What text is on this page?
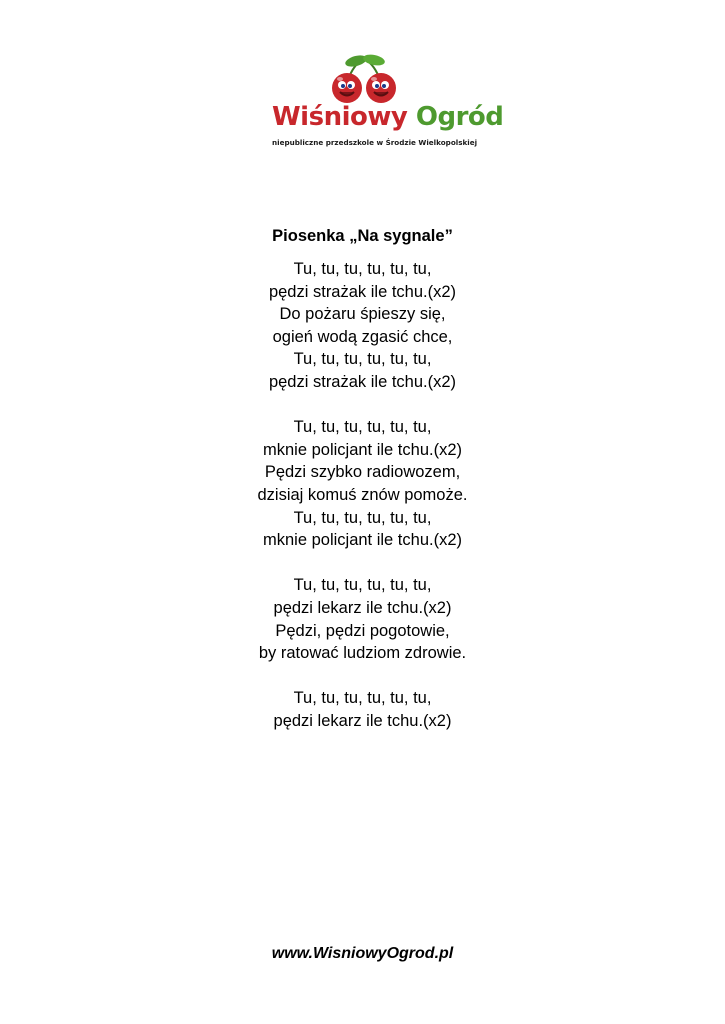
Wiśniowy Ogród
niepubliczne przedszkole w Środzie Wielkopolskiej
Piosenka „Na sygnale”
Tu, tu, tu, tu, tu, tu,
pędzi strażak ile tchu.(x2)
Do pożaru śpieszy się,
ogień wodą zgasić chce,
Tu, tu, tu, tu, tu, tu,
pędzi strażak ile tchu.(x2)
Tu, tu, tu, tu, tu, tu,
mknie policjant ile tchu.(x2)
Pędzi szybko radiowozem,
dzisiaj komuś znów pomoże.
Tu, tu, tu, tu, tu, tu,
mknie policjant ile tchu.(x2)
Tu, tu, tu, tu, tu, tu,
pędzi lekarz ile tchu.(x2)
Pędzi, pędzi pogotowie,
by ratować ludziom zdrowie.
Tu, tu, tu, tu, tu, tu,
pędzi lekarz ile tchu.(x2)
www.WisniowyOgrod.pl
